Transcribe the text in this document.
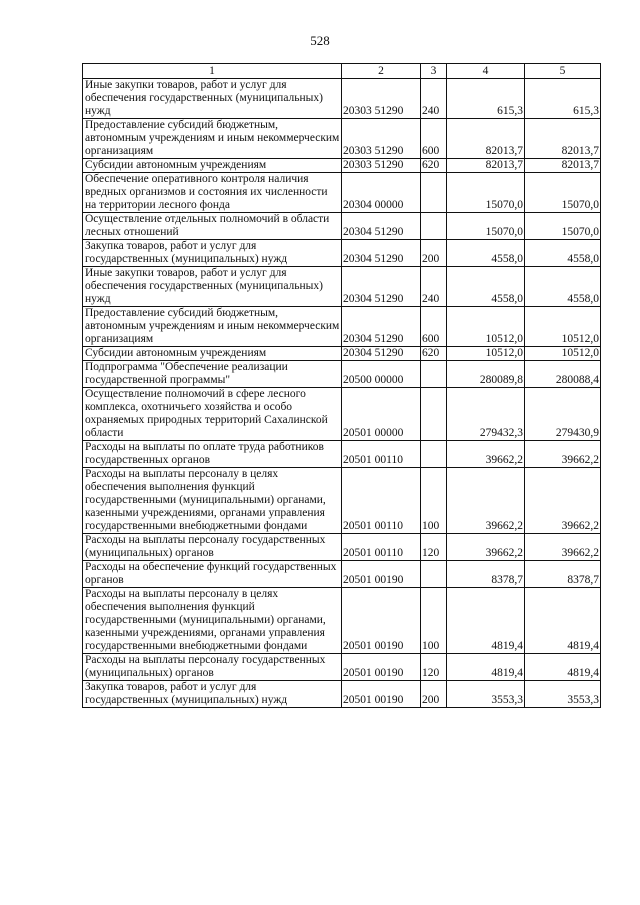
528
1	2	3	4	5
Иные закупки товаров, работ и услуг для обеспечения государственных (муниципальных) нужд	20303 51290	240	615,3	615,3
Предоставление субсидий бюджетным, автономным учреждениям и иным некоммерческим организациям	20303 51290	600	82013,7	82013,7
Субсидии автономным учреждениям	20303 51290	620	82013,7	82013,7
Обеспечение оперативного контроля наличия вредных организмов и состояния их численности на территории лесного фонда	20304 00000		15070,0	15070,0
Осуществление отдельных полномочий в области лесных отношений	20304 51290		15070,0	15070,0
Закупка товаров, работ и услуг для государственных (муниципальных) нужд	20304 51290	200	4558,0	4558,0
Иные закупки товаров, работ и услуг для обеспечения государственных (муниципальных) нужд	20304 51290	240	4558,0	4558,0
Предоставление субсидий бюджетным, автономным учреждениям и иным некоммерческим организациям	20304 51290	600	10512,0	10512,0
Субсидии автономным учреждениям	20304 51290	620	10512,0	10512,0
Подпрограмма "Обеспечение реализации государственной программы"	20500 00000		280089,8	280088,4
Осуществление полномочий в сфере лесного комплекса, охотничьего хозяйства и особо охраняемых природных территорий Сахалинской области	20501 00000		279432,3	279430,9
Расходы на выплаты по оплате труда работников государственных органов	20501 00110		39662,2	39662,2
Расходы на выплаты персоналу в целях обеспечения выполнения функций государственными (муниципальными) органами, казенными учреждениями, органами управления государственными внебюджетными фондами	20501 00110	100	39662,2	39662,2
Расходы на выплаты персоналу государственных (муниципальных) органов	20501 00110	120	39662,2	39662,2
Расходы на обеспечение функций государственных органов	20501 00190		8378,7	8378,7
Расходы на выплаты персоналу в целях обеспечения выполнения функций государственными (муниципальными) органами, казенными учреждениями, органами управления государственными внебюджетными фондами	20501 00190	100	4819,4	4819,4
Расходы на выплаты персоналу государственных (муниципальных) органов	20501 00190	120	4819,4	4819,4
Закупка товаров, работ и услуг для государственных (муниципальных) нужд	20501 00190	200	3553,3	3553,3
